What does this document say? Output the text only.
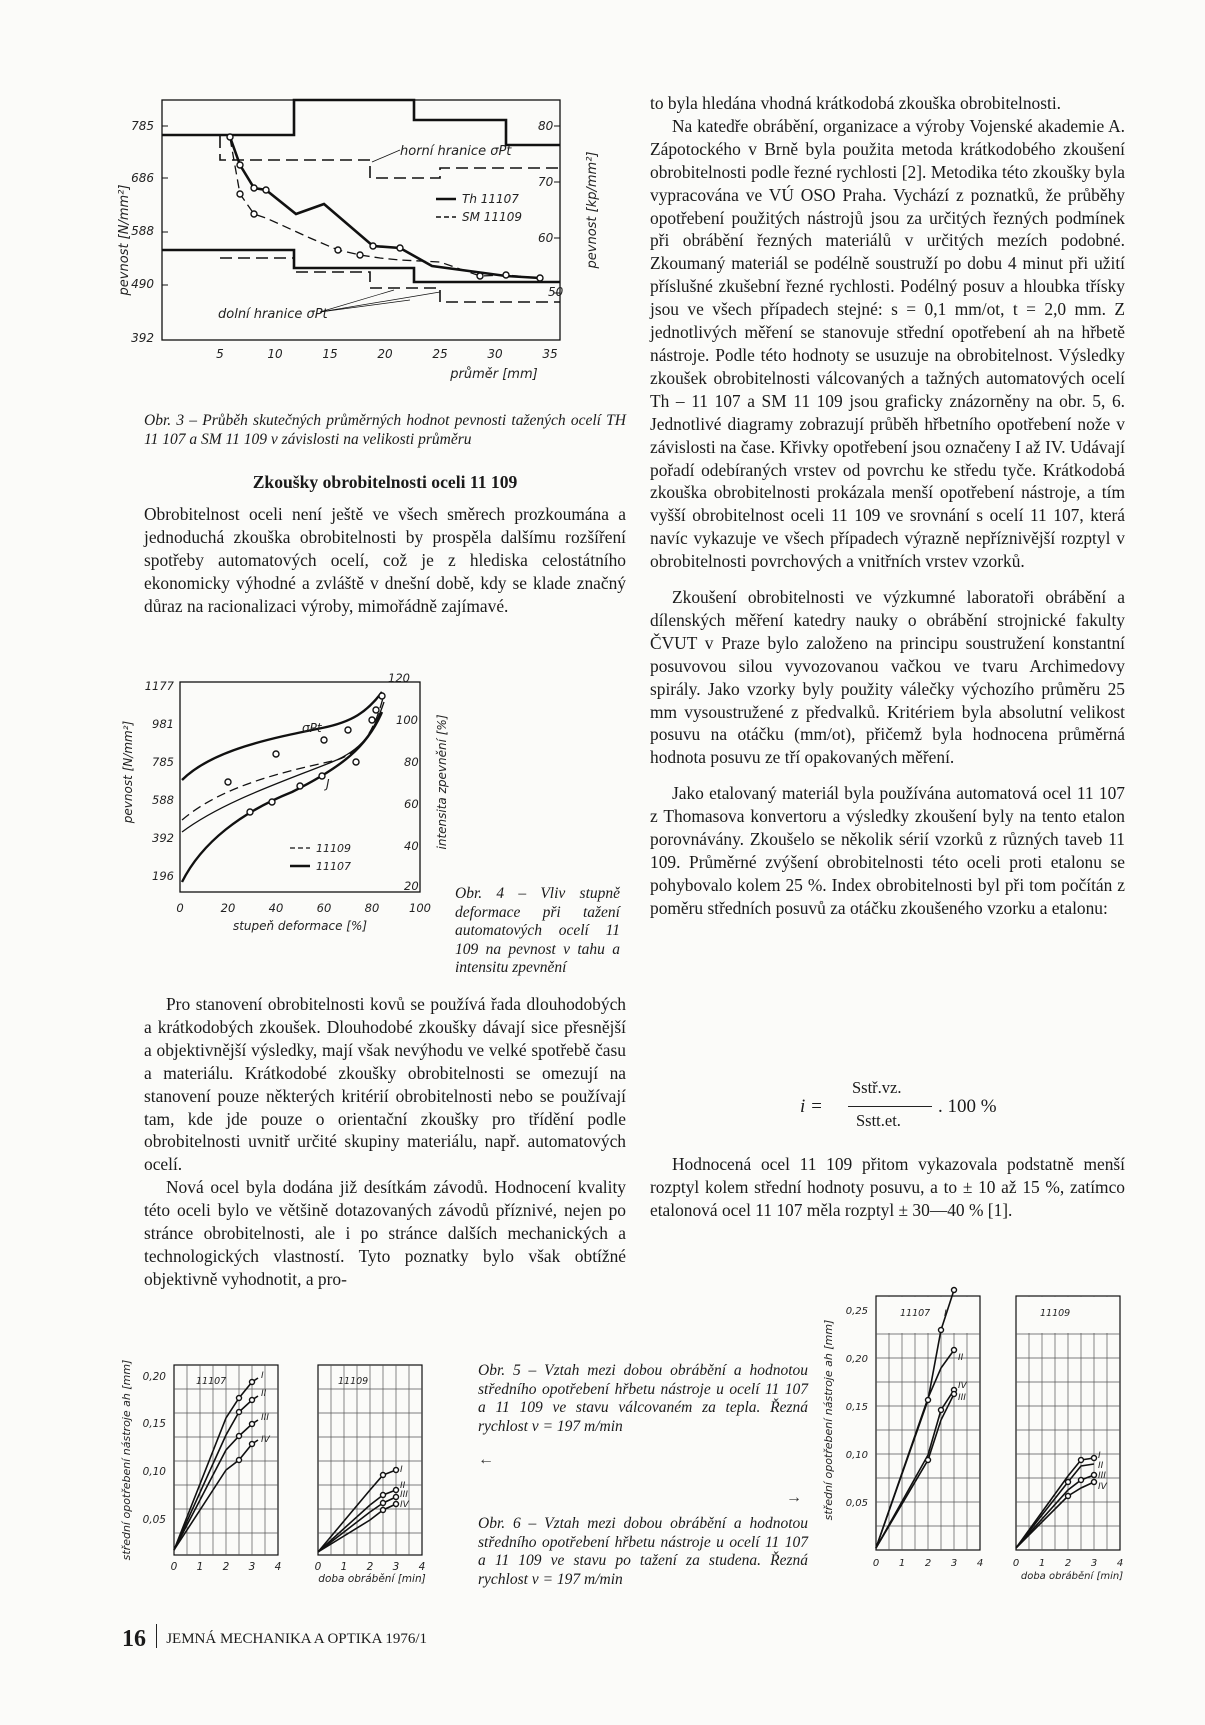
pevnost [N/mm²]	pevnost [kp/mm²]
785
686
588
490
392
80
70
60
50
5	10	15	20	25	30	35
průměr [mm]
horní hranice σPt
dolní hranice σPt
Th 11107
SM 11109
Obr. 3 – Průběh skutečných průměrných hodnot pevnosti tažených ocelí TH 11 107 a SM 11 109 v závislosti na velikosti průměru
Zkoušky obrobitelnosti oceli 11 109

Obrobitelnost oceli není ještě ve všech směrech prozkoumána a jednoduchá zkouška obrobitelnosti by prospěla dalšímu rozšíření spotřeby automatových ocelí, což je z hlediska celostátního ekonomicky výhodné a zvláště v dnešní době, kdy se klade značný důraz na racionalizaci výroby, mimořádně zajímavé.

pevnost [N/mm²]	intensita zpevnění [%]
1177
981
785
588
392
196
120
100
80
60
40
20
0	20	40	60	80	100
stupeň deformace [%]
σPt
J
11109
11107
Obr. 4 – Vliv stupně deformace při tažení automatových ocelí 11 109 na pevnost v tahu a intensitu zpevnění

Pro stanovení obrobitelnosti kovů se používá řada dlouhodobých a krátkodobých zkoušek. Dlouhodobé zkoušky dávají sice přesnější a objektivnější výsledky, mají však nevýhodu ve velké spotřebě času a materiálu. Krátkodobé zkoušky obrobitelnosti se omezují na stanovení pouze některých kritérií obrobitelnosti nebo se používají tam, kde jde pouze o orientační zkoušky pro třídění podle obrobitelnosti uvnitř určité skupiny materiálu, např. automatových ocelí.

Nová ocel byla dodána již desítkám závodů. Hodnocení kvality této oceli bylo ve většině dotazovaných závodů příznivé, nejen po stránce obrobitelnosti, ale i po stránce dalších mechanických a technologických vlastností. Tyto poznatky bylo však obtížné objektivně vyhodnotit, a pro-

to byla hledána vhodná krátkodobá zkouška obrobitelnosti.

Na katedře obrábění, organizace a výroby Vojenské akademie A. Zápotockého v Brně byla použita metoda krátkodobého zkoušení obrobitelnosti podle řezné rychlosti [2]. Metodika této zkoušky byla vypracována ve VÚ OSO Praha. Vychází z poznatků, že průběhy opotřebení použitých nástrojů jsou za určitých řezných podmínek při obrábění řezných materiálů v určitých mezích podobné. Zkoumaný materiál se podélně soustruží po dobu 4 minut při užití příslušné zkušební řezné rychlosti. Podélný posuv a hloubka třísky jsou ve všech případech stejné: s = 0,1 mm/ot, t = 2,0 mm. Z jednotlivých měření se stanovuje střední opotřebení ah na hřbetě nástroje. Podle této hodnoty se usuzuje na obrobitelnost. Výsledky zkoušek obrobitelnosti válcovaných a tažných automatových ocelí Th – 11 107 a SM 11 109 jsou graficky znázorněny na obr. 5, 6. Jednotlivé diagramy zobrazují průběh hřbetního opotřebení nože v závislosti na čase. Křivky opotřebení jsou označeny I až IV. Udávají pořadí odebíraných vrstev od povrchu ke středu tyče. Krátkodobá zkouška obrobitelnosti prokázala menší opotřebení nástroje, a tím vyšší obrobitelnost oceli 11 109 ve srovnání s ocelí 11 107, která navíc vykazuje ve všech případech výrazně nepříznivější rozptyl v obrobitelnosti povrchových a vnitřních vrstev vzorků.

Zkoušení obrobitelnosti ve výzkumné laboratoři obrábění a dílenských měření katedry nauky o obrábění strojnické fakulty ČVUT v Praze bylo založeno na principu soustružení konstantní posuvovou silou vyvozovanou vačkou ve tvaru Archimedovy spirály. Jako vzorky byly použity válečky výchozího průměru 25 mm vysoustružené z předvalků. Kritériem byla absolutní velikost posuvu na otáčku (mm/ot), přičemž byla hodnocena průměrná hodnota posuvu ze tří opakovaných měření.

Jako etalovaný materiál byla používána automatová ocel 11 107 z Thomasova konvertoru a výsledky zkoušení byly na tento etalon porovnávány. Zkoušelo se několik sérií vzorků z různých taveb 11 109. Průměrné zvýšení obrobitelnosti této oceli proti etalonu se pohybovalo kolem 25 %. Index obrobitelnosti byl při tom počítán z poměru středních posuvů za otáčku zkoušeného vzorku a etalonu:

i =
Sstř.vz.
Sstt.et.
. 100 %

Hodnocená ocel 11 109 přitom vykazovala podstatně menší rozptyl kolem střední hodnoty posuvu, a to ± 10 až 15 %, zatímco etalonová ocel 11 107 měla rozptyl ± 30—40 % [1].

střední opotřebení nástroje ah [mm] 0,20
0,15
0,10
0,05
11107	I
II
III
IV
0 1 2 3 4
11109
I
II
III
IV
0 1 2 3 4
doba obrábění [min]
Obr. 5 – Vztah mezi dobou obrábění a hodnotou středního opotřebení hřbetu nástroje u ocelí 11 107 a 11 109 ve stavu válcovaném za tepla. Řezná rychlost v = 197 m/min
←
→
Obr. 6 – Vztah mezi dobou obrábění a hodnotou středního opotřebení hřbetu nástroje u ocelí 11 107 a 11 109 ve stavu po tažení za studena. Řezná rychlost v = 197 m/min
střední opotřebení nástroje ah [mm]
0,25
0,20
0,15
0,10
0,05
11107 I
II
III
IV
0 1 2 3 4
11109
I
II
III
IV
0 1 2 3 4
doba obrábění [min]
16 JEMNÁ MECHANIKA A OPTIKA 1976/1
